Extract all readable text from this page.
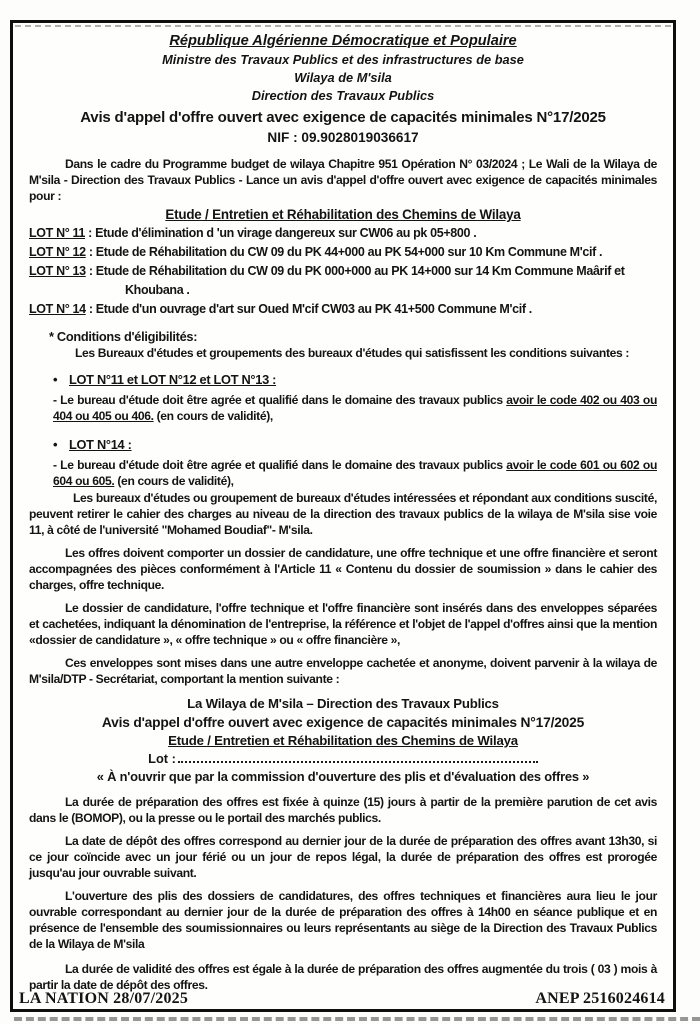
République Algérienne Démocratique et Populaire
Ministre des Travaux Publics et des infrastructures de base
Wilaya de M'sila
Direction des Travaux Publics
Avis d'appel d'offre ouvert avec exigence de capacités minimales N°17/2025
NIF : 09.9028019036617

Dans le cadre du Programme budget de wilaya Chapitre 951 Opération N° 03/2024 ; Le Wali de la Wilaya de M'sila - Direction des Travaux Publics - Lance un avis d'appel d'offre ouvert avec exigence de capacités minimales pour :

Etude / Entretien et Réhabilitation des Chemins de Wilaya
LOT N° 11 : Etude d'élimination d 'un virage dangereux sur CW06 au pk 05+800 .
LOT N° 12 : Etude de Réhabilitation du CW 09 du PK 44+000 au PK 54+000 sur 10 Km Commune M'cif .
LOT N° 13 : Etude de Réhabilitation du CW 09 du PK 000+000 au PK 14+000 sur 14 Km Commune Maârif et
Khoubana .
LOT N° 14 : Etude d'un ouvrage d'art sur Oued M'cif CW03 au PK 41+500 Commune M'cif .
* Conditions d'éligibilités:
Les Bureaux d'études et groupements des bureaux d'études qui satisfissent les conditions suivantes :
• LOT N°11 et LOT N°12 et LOT N°13 :

- Le bureau d'étude doit être agrée et qualifié dans le domaine des travaux publics avoir le code 402 ou 403 ou 404 ou 405 ou 406. (en cours de validité),

• LOT N°14 :

- Le bureau d'étude doit être agrée et qualifié dans le domaine des travaux publics avoir le code 601 ou 602 ou 604 ou 605. (en cours de validité),

Les bureaux d'études ou groupement de bureaux d'études intéressées et répondant aux conditions suscité, peuvent retirer le cahier des charges au niveau de la direction des travaux publics de la wilaya de M'sila sise voie 11, à côté de l'université "Mohamed Boudiaf"- M'sila.

Les offres doivent comporter un dossier de candidature, une offre technique et une offre financière et seront accompagnées des pièces conformément à l'Article 11 « Contenu du dossier de soumission » dans le cahier des charges, offre technique.

Le dossier de candidature, l'offre technique et l'offre financière sont insérés dans des enveloppes séparées et cachetées, indiquant la dénomination de l'entreprise, la référence et l'objet de l'appel d'offres ainsi que la mention «dossier de candidature », « offre technique » ou « offre financière »,

Ces enveloppes sont mises dans une autre enveloppe cachetée et anonyme, doivent parvenir à la wilaya de M'sila/DTP - Secrétariat, comportant la mention suivante :

La Wilaya de M'sila – Direction des Travaux Publics
Avis d'appel d'offre ouvert avec exigence de capacités minimales N°17/2025
Etude / Entretien et Réhabilitation des Chemins de Wilaya
Lot :
« À n'ouvrir que par la commission d'ouverture des plis et d'évaluation des offres »

La durée de préparation des offres est fixée à quinze (15) jours à partir de la première parution de cet avis dans le (BOMOP), ou la presse ou le portail des marchés publics.

La date de dépôt des offres correspond au dernier jour de la durée de préparation des offres avant 13h30, si ce jour coïncide avec un jour férié ou un jour de repos légal, la durée de préparation des offres est prorogée jusqu'au jour ouvrable suivant.

L'ouverture des plis des dossiers de candidatures, des offres techniques et financières aura lieu le jour ouvrable correspondant au dernier jour de la durée de préparation des offres à 14h00 en séance publique et en présence de l'ensemble des soumissionnaires ou leurs représentants au siège de la Direction des Travaux Publics de la Wilaya de M'sila

La durée de validité des offres est égale à la durée de préparation des offres augmentée du trois ( 03 ) mois à partir la date de dépôt des offres.

LA NATION 28/07/2025	ANEP 2516024614
